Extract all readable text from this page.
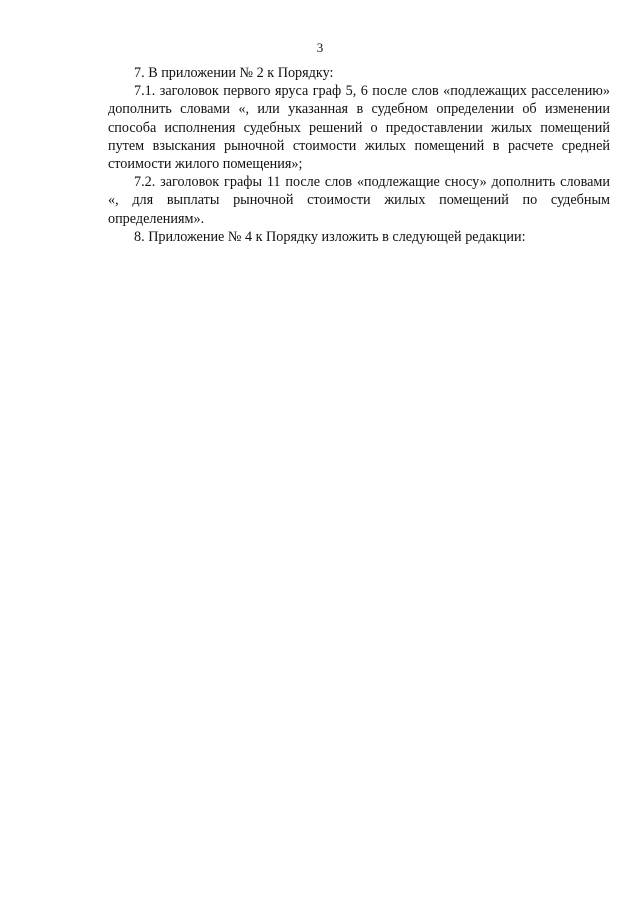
3

7. В приложении № 2 к Порядку:

7.1. заголовок первого яруса граф 5, 6 после слов «подлежащих расселению» дополнить словами «, или указанная в судебном определении об изменении способа исполнения судебных решений о предоставлении жилых помещений путем взыскания рыночной стоимости жилых помещений в расчете средней стоимости жилого помещения»;

7.2. заголовок графы 11 после слов «подлежащие сносу» дополнить словами «, для выплаты рыночной стоимости жилых помещений по судебным определениям».

8. Приложение № 4 к Порядку изложить в следующей редакции:
